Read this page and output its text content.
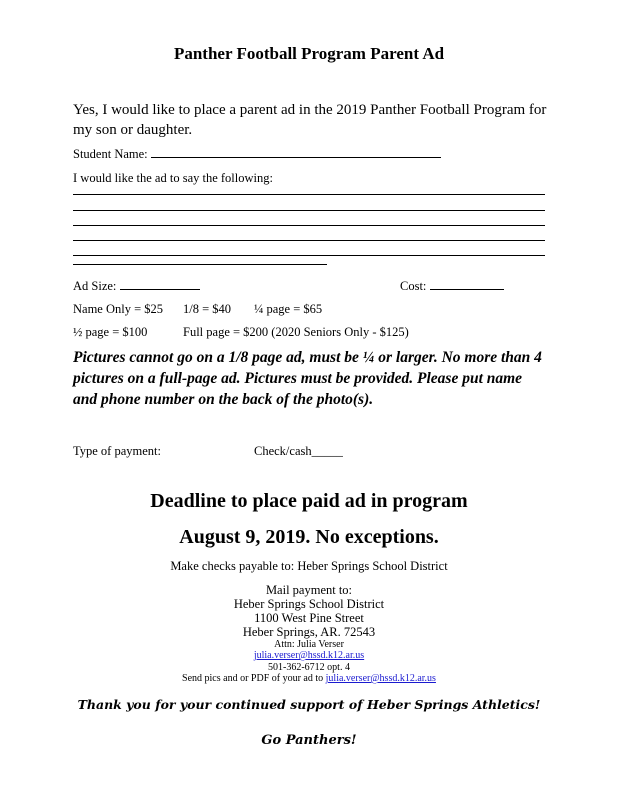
Panther Football Program Parent Ad
Yes, I would like to place a parent ad in the 2019 Panther Football Program for my son or daughter.
Student Name:
I would like the ad to say the following:
Ad Size:	Cost:
Name Only = $25 1/8 = $40 ¼ page = $65
½ page = $100	Full page = $200 (2020 Seniors Only - $125)
Pictures cannot go on a 1/8 page ad, must be ¼ or larger. No more than 4 pictures on a full-page ad. Pictures must be provided. Please put name and phone number on the back of the photo(s).
Type of payment:	Check/cash_____
Deadline to place paid ad in program
August 9, 2019. No exceptions.
Make checks payable to: Heber Springs School District
Mail payment to:
Heber Springs School District
1100 West Pine Street
Heber Springs, AR. 72543
Attn: Julia Verser
julia.verser@hssd.k12.ar.us
501-362-6712 opt. 4
Send pics and or PDF of your ad to julia.verser@hssd.k12.ar.us
Thank you for your continued support of Heber Springs Athletics!
Go Panthers!
